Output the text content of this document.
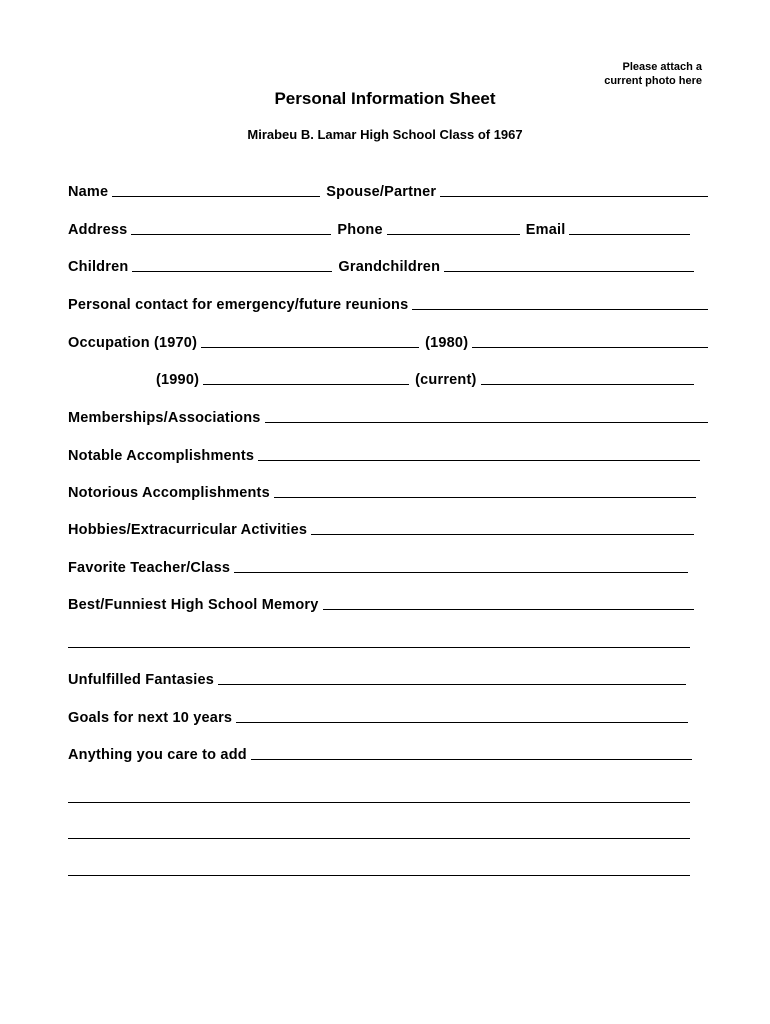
Please attach a
current photo here
Personal Information Sheet
Mirabeu B. Lamar High School Class of 1967
Name	Spouse/Partner
Address	Phone	Email
Children	Grandchildren
Personal contact for emergency/future reunions
Occupation (1970)	(1980)
(1990)	(current)
Memberships/Associations
Notable Accomplishments
Notorious Accomplishments
Hobbies/Extracurricular Activities
Favorite Teacher/Class
Best/Funniest High School Memory
Unfulfilled Fantasies
Goals for next 10 years
Anything you care to add
